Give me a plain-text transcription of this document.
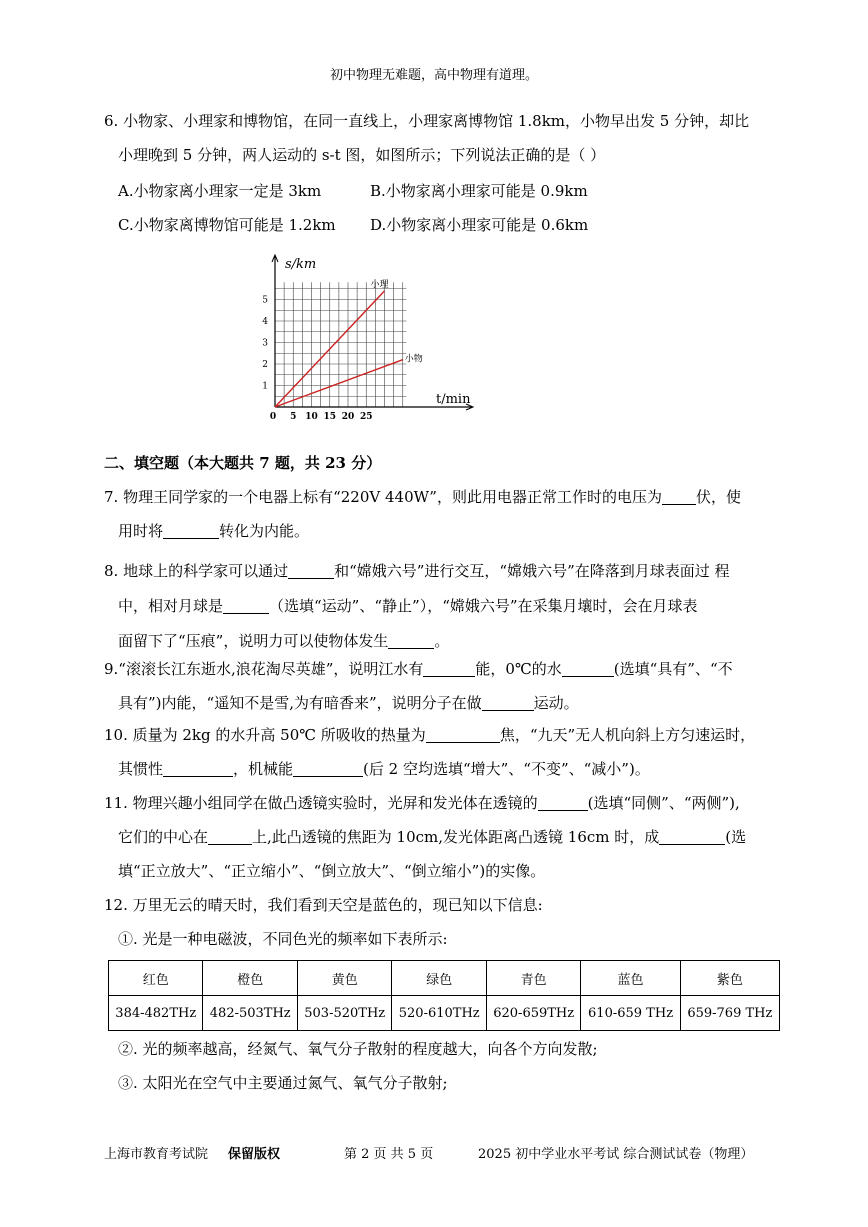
初中物理无难题，高中物理有道理。
6. 小物家、小理家和博物馆，在同一直线上，小理家离博物馆 1.8km，小物早出发 5 分钟，却比
小理晚到 5 分钟，两人运动的 s-t 图，如图所示；下列说法正确的是（ ）
A.小物家离小理家一定是 3km	B.小物家离小理家可能是 0.9km
C.小物家离博物馆可能是 1.2km D.小物家离小理家可能是 0.6km
s/km
t/min
0 5 10 15 20 25
1
2
3
4
5
小理
小物
二、填空题（本大题共 7 题，共 23 分）
7. 物理王同学家的一个电器上标有“220V 440W”，则此用电器正常工作时的电压为 伏，使
用时将	转化为内能。
8. 地球上的科学家可以通过	和“嫦娥六号”进行交互，“嫦娥六号”在降落到月球表面过 程
中，相对月球是	（选填“运动”、“静止”），“嫦娥六号”在采集月壤时，会在月球表
面留下了“压痕”，说明力可以使物体发生	。
9.“滚滚长江东逝水,浪花淘尽英雄”，说明江水有	能，0℃的水	(选填“具有”、“不
具有”)内能，“遥知不是雪,为有暗香来”，说明分子在做	运动。
10. 质量为 2kg 的水升高 50℃ 所吸收的热量为	焦，“九天”无人机向斜上方匀速运时，
其惯性	，机械能	(后 2 空均选填“增大”、“不变”、“减小”)。
11. 物理兴趣小组同学在做凸透镜实验时，光屏和发光体在透镜的	(选填“同侧”、“两侧”),
它们的中心在	上,此凸透镜的焦距为 10cm,发光体距离凸透镜 16cm 时，成	(选
填“正立放大”、“正立缩小”、“倒立放大”、“倒立缩小”)的实像。
12. 万里无云的晴天时，我们看到天空是蓝色的，现已知以下信息:
①. 光是一种电磁波，不同色光的频率如下表所示:
红色	橙色	黄色	绿色	青色	蓝色	紫色
384-482THz	482-503THz	503-520THz	520-610THz	620-659THz	610-659 THz	659-769 THz
②. 光的频率越高，经氮气、氧气分子散射的程度越大，向各个方向发散;
③. 太阳光在空气中主要通过氮气、氧气分子散射;
上海市教育考试院 保留版权	第 2 页 共 5 页	2025 初中学业水平考试 综合测试试卷（物理）
